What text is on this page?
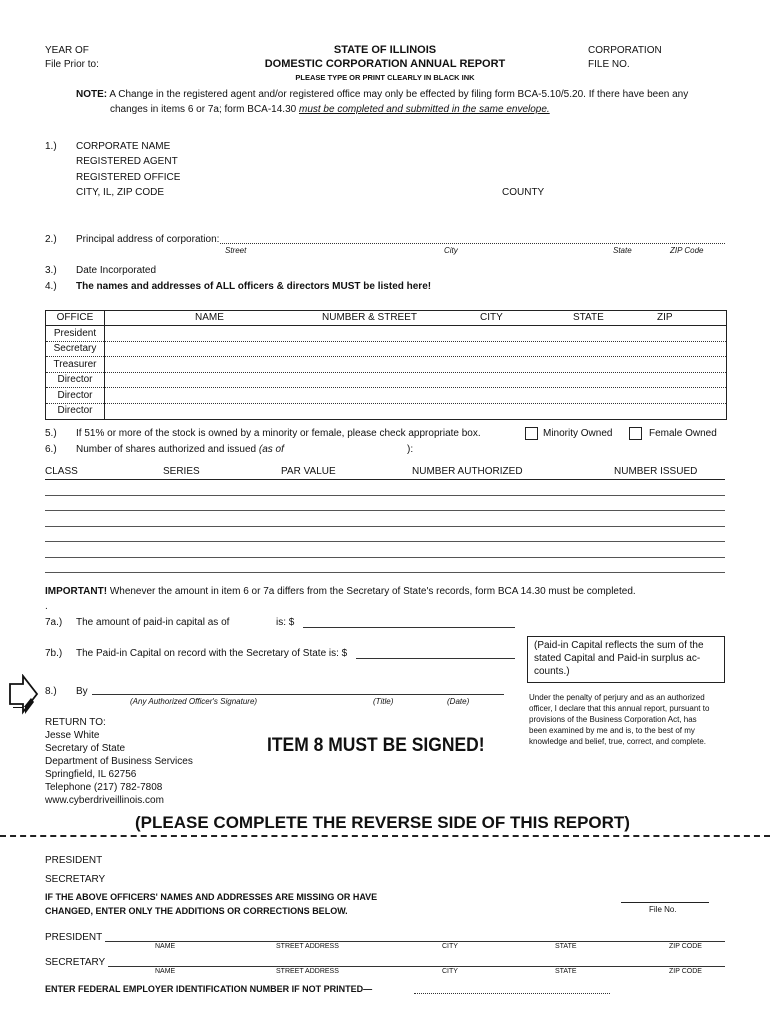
YEAR OF
File Prior to:
STATE OF ILLINOIS
DOMESTIC CORPORATION ANNUAL REPORT
PLEASE TYPE OR PRINT CLEARLY IN BLACK INK
CORPORATION
FILE NO.
NOTE: A Change in the registered agent and/or registered office may only be effected by filing form BCA-5.10/5.20. If there have been any
changes in items 6 or 7a; form BCA-14.30 must be completed and submitted in the same envelope.
1.) CORPORATE NAME
REGISTERED AGENT
REGISTERED OFFICE
CITY, IL, ZIP CODE	COUNTY
2.) Principal address of corporation:
Street	City	State	ZIP Code
3.) Date Incorporated
4.) The names and addresses of ALL officers & directors MUST be listed here!
OFFICE	NAME	NUMBER & STREET	CITY	STATE	ZIP
President
Secretary
Treasurer
Director
Director
Director
5.) If 51% or more of the stock is owned by a minority or female, please check appropriate box.	Minority Owned	Female Owned
6.) Number of shares authorized and issued (as of	):
CLASS	SERIES	PAR VALUE	NUMBER AUTHORIZED	NUMBER ISSUED
IMPORTANT! Whenever the amount in item 6 or 7a differs from the Secretary of State's records, form BCA 14.30 must be completed.
.
7a.) The amount of paid-in capital as of	is: $
7b.) The Paid-in Capital on record with the Secretary of State is: $
(Paid-in Capital reflects the sum of the
stated Capital and Paid-in surplus ac-
counts.)
8.) By
(Any Authorized Officer's Signature)	(Title)	(Date)
ITEM 8 MUST BE SIGNED!
Under the penalty of perjury and as an authorized
officer, I declare that this annual report, pursuant to
provisions of the Business Corporation Act, has
been examined by me and is, to the best of my
knowledge and belief, true, correct, and complete.
RETURN TO:
Jesse White
Secretary of State
Department of Business Services
Springfield, IL 62756
Telephone (217) 782-7808
www.cyberdriveillinois.com
(PLEASE COMPLETE THE REVERSE SIDE OF THIS REPORT)
PRESIDENT
SECRETARY
IF THE ABOVE OFFICERS' NAMES AND ADDRESSES ARE MISSING OR HAVE
CHANGED, ENTER ONLY THE ADDITIONS OR CORRECTIONS BELOW.	File No.
PRESIDENT
NAME	STREET ADDRESS	CITY	STATE	ZIP CODE
SECRETARY
NAME	STREET ADDRESS	CITY	STATE	ZIP CODE
ENTER FEDERAL EMPLOYER IDENTIFICATION NUMBER IF NOT PRINTED—
